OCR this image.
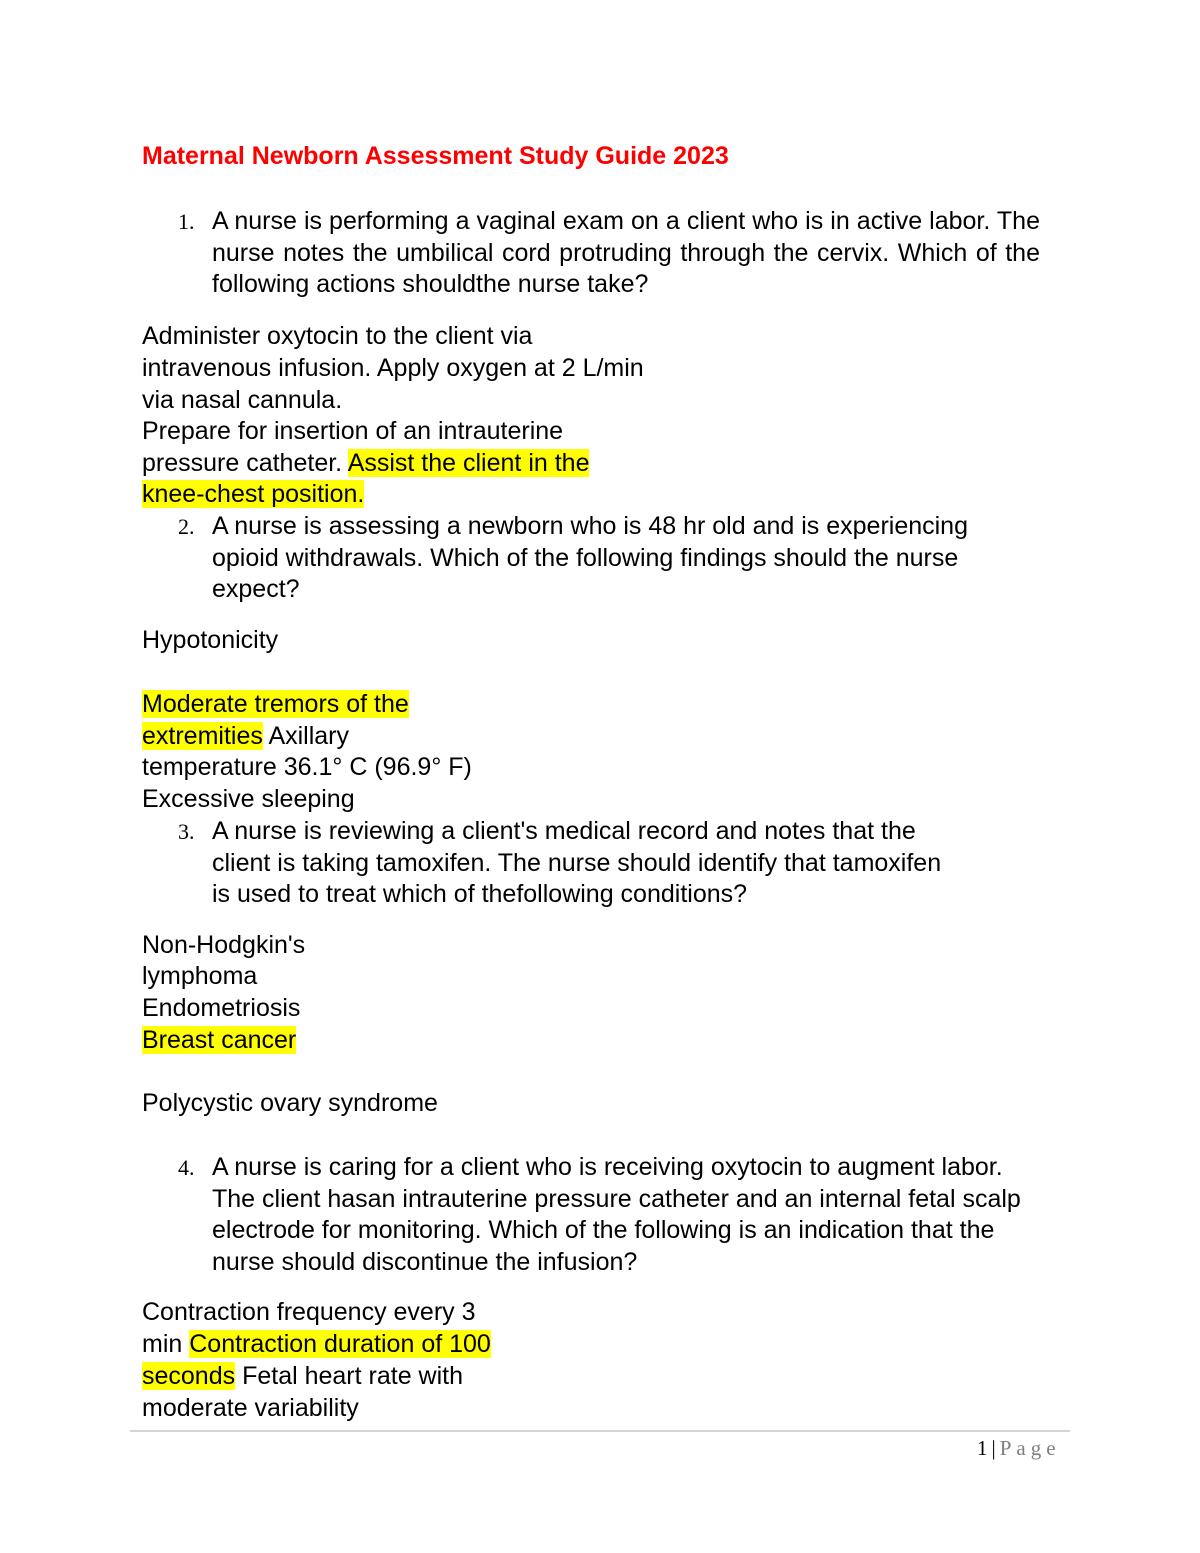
Maternal Newborn Assessment Study Guide 2023
1. A nurse is performing a vaginal exam on a client who is in active labor. The nurse notes the umbilical cord protruding through the cervix. Which of the following actions shouldthe nurse take?
Administer oxytocin to the client via
intravenous infusion. Apply oxygen at 2 L/min
via nasal cannula.
Prepare for insertion of an intrauterine
pressure catheter. Assist the client in the
knee-chest position.
2. A nurse is assessing a newborn who is 48 hr old and is experiencing opioid withdrawals. Which of the following findings should the nurse expect?
Hypotonicity
Moderate tremors of the
extremities Axillary
temperature 36.1° C (96.9° F)
Excessive sleeping
3. A nurse is reviewing a client's medical record and notes that the client is taking tamoxifen. The nurse should identify that tamoxifen is used to treat which of thefollowing conditions?
Non-Hodgkin's
lymphoma
Endometriosis
Breast cancer
Polycystic ovary syndrome
4. A nurse is caring for a client who is receiving oxytocin to augment labor. The client hasan intrauterine pressure catheter and an internal fetal scalp electrode for monitoring. Which of the following is an indication that the nurse should discontinue the infusion?
Contraction frequency every 3
min Contraction duration of 100
seconds Fetal heart rate with
moderate variability
1 | Page
